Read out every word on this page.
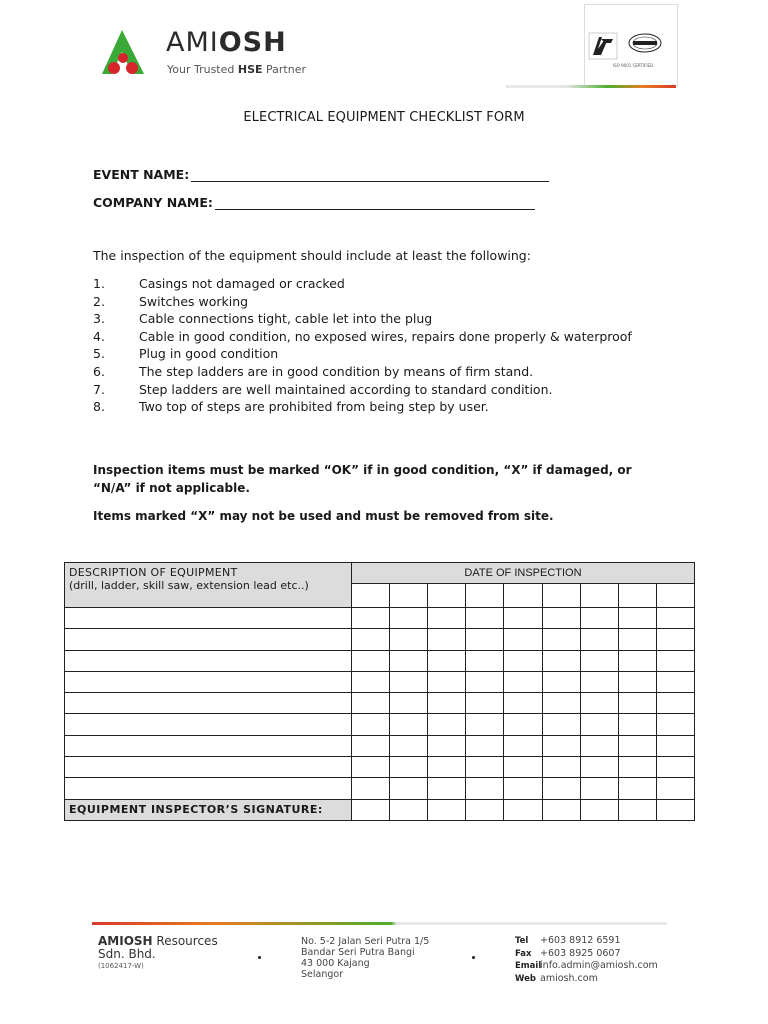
AMIOSH
Your Trusted HSE Partner	ISO 9001 CERTIFIED
ELECTRICAL EQUIPMENT CHECKLIST FORM
EVENT NAME:
COMPANY NAME:
The inspection of the equipment should include at least the following:
1.	Casings not damaged or cracked
2.	Switches working
3.	Cable connections tight, cable let into the plug
4.	Cable in good condition, no exposed wires, repairs done properly & waterproof
5.	Plug in good condition
6.	The step ladders are in good condition by means of firm stand.
7.	Step ladders are well maintained according to standard condition.
8.	Two top of steps are prohibited from being step by user.
Inspection items must be marked “OK” if in good condition, “X” if damaged, or “N/A” if not applicable.
Items marked “X” may not be used and must be removed from site.
DESCRIPTION OF EQUIPMENT
(drill, ladder, skill saw, extension lead etc..)	DATE OF INSPECTION								

EQUIPMENT INSPECTOR’S SIGNATURE:									
AMIOSH Resources
Sdn. Bhd.
(1062417-W)
No. 5-2 Jalan Seri Putra 1/5
Bandar Seri Putra Bangi
43 000 Kajang
Selangor
Tel +603 8912 6591
Fax +603 8925 0607
Email info.admin@amiosh.com
Web amiosh.com
